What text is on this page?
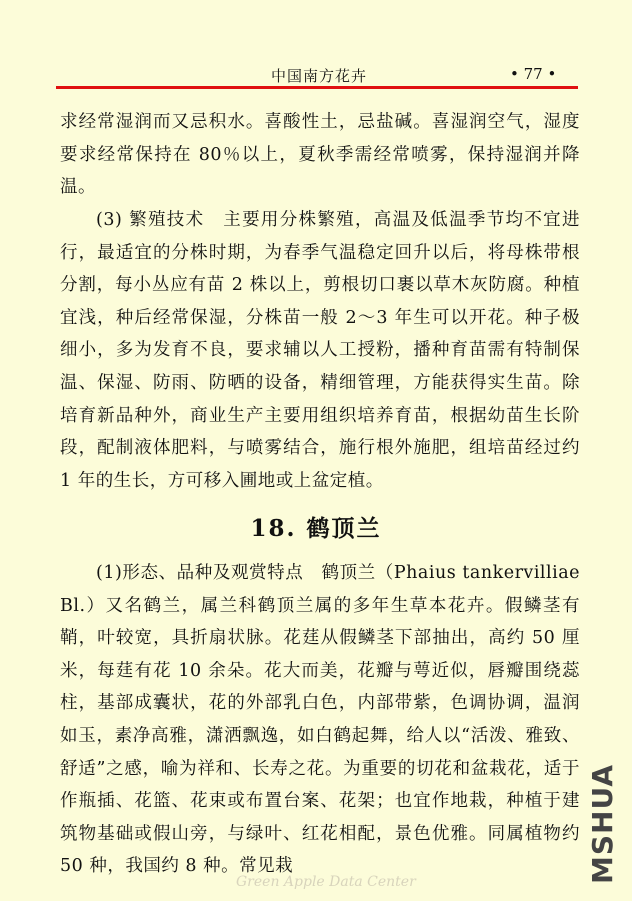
中国南方花卉	• 77 •

求经常湿润而又忌积水。喜酸性土，忌盐碱。喜湿润空气，湿度要求经常保持在 80％以上，夏秋季需经常喷雾，保持湿润并降温。

(3) 繁殖技术　主要用分株繁殖，高温及低温季节均不宜进行，最适宜的分株时期，为春季气温稳定回升以后，将母株带根分割，每小丛应有苗 2 株以上，剪根切口裹以草木灰防腐。种植宜浅，种后经常保湿，分株苗一般 2～3 年生可以开花。种子极细小，多为发育不良，要求辅以人工授粉，播种育苗需有特制保温、保湿、防雨、防晒的设备，精细管理，方能获得实生苗。除培育新品种外，商业生产主要用组织培养育苗，根据幼苗生长阶段，配制液体肥料，与喷雾结合，施行根外施肥，组培苗经过约 1 年的生长，方可移入圃地或上盆定植。

18. 鹤顶兰

(1)形态、品种及观赏特点　鹤顶兰（Phaius tankervilliae Bl.）又名鹤兰，属兰科鹤顶兰属的多年生草本花卉。假鳞茎有鞘，叶较宽，具折扇状脉。花莛从假鳞茎下部抽出，高约 50 厘米，每莛有花 10 余朵。花大而美，花瓣与萼近似，唇瓣围绕蕊柱，基部成囊状，花的外部乳白色，内部带紫，色调协调，温润如玉，素净高雅，潇洒飘逸，如白鹤起舞，给人以“活泼、雅致、舒适”之感，喻为祥和、长寿之花。为重要的切花和盆栽花，适于作瓶插、花篮、花束或布置台案、花架；也宜作地栽，种植于建筑物基础或假山旁，与绿叶、红花相配，景色优雅。同属植物约 50 种，我国约 8 种。常见栽

Green Apple Data Center	MSHUA
